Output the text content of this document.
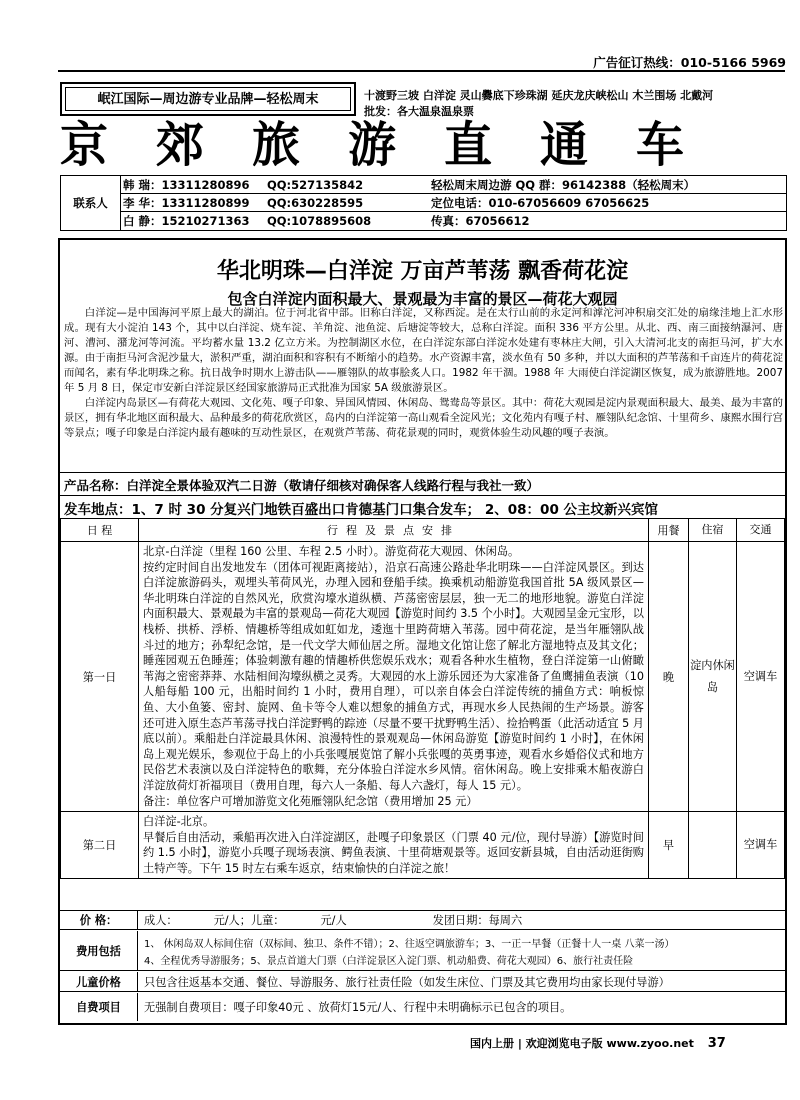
广告征订热线：010-5166 5969
岷江国际—周边游专业品牌—轻松周末	十渡野三坡 白洋淀 灵山爨底下珍珠湖 延庆龙庆峡松山 木兰围场 北戴河
批发：各大温泉温泉票
京郊旅游直通车
联系人
韩 瑞：13311280896 QQ:527135842	轻松周末周边游 QQ 群：96142388（轻松周末）
李 华：13311280899 QQ:630228595	定位电话：010-67056609 67056625
白 静：15210271363 QQ:1078895608	传真：67056612
华北明珠—白洋淀 万亩芦苇荡 飘香荷花淀
包含白洋淀内面积最大、景观最为丰富的景区—荷花大观园

白洋淀—是中国海河平原上最大的湖泊。位于河北省中部。旧称白洋淀，又称西淀。是在太行山前的永定河和滹沱河冲积扇交汇处的扇缘洼地上汇水形成。现有大小淀泊 143 个，其中以白洋淀、烧车淀、羊角淀、池鱼淀、后塘淀等较大，总称白洋淀。面积 336 平方公里。从北、西、南三面接纳瀑河、唐河、漕河、潴龙河等河流。平均蓄水量 13.2 亿立方米。为控制湖区水位，在白洋淀东部白洋淀水处建有枣林庄大闸，引入大清河北支的南拒马河，扩大水源。由于南拒马河含泥沙量大，淤积严重，湖泊面积和容积有不断缩小的趋势。水产资源丰富，淡水鱼有 50 多种，并以大面积的芦苇荡和千亩连片的荷花淀而闻名，素有华北明珠之称。抗日战争时期水上游击队——雁翎队的故事脍炙人口。1982 年干涸。1988 年 大雨使白洋淀湖区恢复，成为旅游胜地。2007 年 5 月 8 日，保定市安新白洋淀景区经国家旅游局正式批准为国家 5A 级旅游景区。

白洋淀内岛景区—有荷花大观园、文化苑、嘎子印象、异国风情园、休闲岛、鸳鸯岛等景区。其中：荷花大观园是淀内景观面积最大、最美、最为丰富的景区，拥有华北地区面积最大、品种最多的荷花欣赏区，岛内的白洋淀第一高山观看全淀风光；文化苑内有嘎子村、雁翎队纪念馆、十里荷乡、康熙水围行宫等景点；嘎子印象是白洋淀内最有趣味的互动性景区，在观赏芦苇荡、荷花景观的同时，观赏体验生动风趣的嘎子表演。

产品名称：白洋淀全景体验双汽二日游（敬请仔细核对确保客人线路行程与我社一致）
发车地点：1、7 时 30 分复兴门地铁百盛出口肯德基门口集合发车； 2、08：00 公主坟新兴宾馆
日 程	行程及景点安排	用餐	住宿	交通
第一日	北京-白洋淀（里程 160 公里、车程 2.5 小时）。游览荷花大观园、休闲岛。

按约定时间自出发地发车（团体可视距离接站），沿京石高速公路赴华北明珠——白洋淀风景区。到达白洋淀旅游码头，观埋头苇荷风光，办理入园和登船手续。换乘机动船游览我国首批 5A 级风景区—华北明珠白洋淀的自然风光，欣赏沟壕水道纵横、芦荡密密层层，独一无二的地形地貌。游览白洋淀内面积最大、景观最为丰富的景观岛—荷花大观园【游览时间约 3.5 个小时】。大观园呈金元宝形，以栈桥、拱桥、浮桥、情趣桥等组成如虹如龙，逶迤十里跨荷塘入苇荡。园中荷花淀，是当年雁翎队战斗过的地方；孙犁纪念馆，是一代文学大师仙居之所。湿地文化馆让您了解北方湿地特点及其文化；睡莲园观五色睡莲；体验刺激有趣的情趣桥供您娱乐戏水；观看各种水生植物，登白洋淀第一山俯瞰苇海之密密莽莽、水陆相间沟壕纵横之灵秀。大观园的水上游乐园还为大家准备了鱼鹰捕鱼表演（10 人船每船 100 元，出船时间约 1 小时，费用自理），可以亲自体会白洋淀传统的捕鱼方式：响板惊鱼、大小鱼篓、密封、旋网、鱼卡等令人难以想象的捕鱼方式，再现水乡人民热闹的生产场景。游客还可进入原生态芦苇荡寻找白洋淀野鸭的踪迹（尽量不要干扰野鸭生活）、捡拾鸭蛋（此活动适宜 5 月底以前）。乘船赴白洋淀最具休闲、浪漫特性的景观观岛—休闲岛游览【游览时间约 1 小时】，在休闲岛上观光娱乐，参观位于岛上的小兵张嘎展览馆了解小兵张嘎的英勇事迹，观看水乡婚俗仪式和地方民俗艺术表演以及白洋淀特色的歌舞，充分体验白洋淀水乡风情。宿休闲岛。晚上安排乘木船夜游白洋淀放荷灯祈福项目（费用自理，每六人一条船、每人六盏灯，每人 15 元）。

备注：单位客户可增加游览文化苑雁翎队纪念馆（费用增加 25 元）	晚	淀内休闲岛	空调车
第二日	白洋淀-北京。

早餐后自由活动，乘船再次进入白洋淀湖区，赴嘎子印象景区（门票 40 元/位，现付导游）【游览时间约 1.5 小时】，游览小兵嘎子现场表演、鳄鱼表演、十里荷塘观景等。返回安新县城，自由活动逛街购土特产等。下午 15 时左右乘车返京，结束愉快的白洋淀之旅！	早		空调车
价 格：	成人：	元/人；儿童：	元/人	发团日期：每周六
费用包括	1、 休闲岛双人标间住宿（双标间、独卫、条件不错）；2、往返空调旅游车；3、一正一早餐（正餐十人一桌 八菜一汤）
4、全程优秀导游服务；5、景点首道大门票（白洋淀景区入淀门票、机动船费、荷花大观园）6、旅行社责任险
儿童价格	只包含往返基本交通、餐位、导游服务、旅行社责任险（如发生床位、门票及其它费用均由家长现付导游）
自费项目	无强制自费项目：嘎子印象40元 、放荷灯15元/人、行程中未明确标示已包含的项目。
国内上册 | 欢迎浏览电子版 www.zyoo.net 37
